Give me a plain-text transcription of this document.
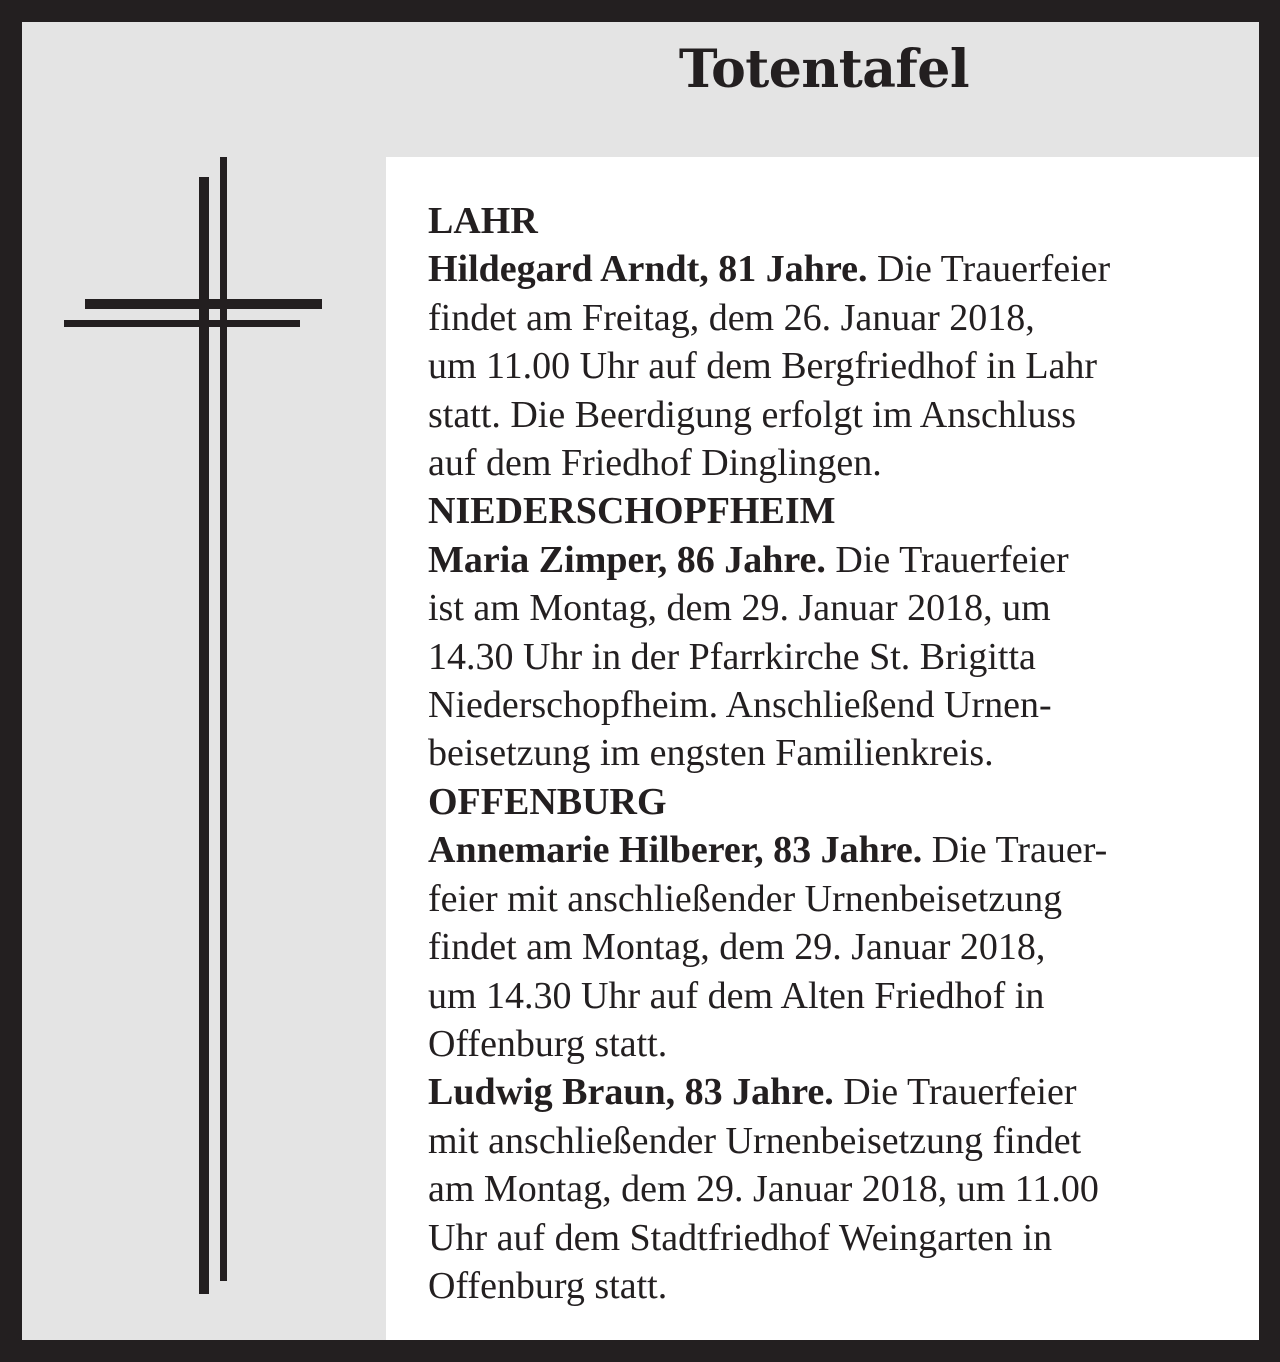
Totentafel

LAHR

Hildegard Arndt, 81 Jahre. Die Trauerfeier

findet am Freitag, dem 26. Januar 2018,

um 11.00 Uhr auf dem Bergfriedhof in Lahr

statt. Die Beerdigung erfolgt im Anschluss

auf dem Friedhof Dinglingen.

NIEDERSCHOPFHEIM

Maria Zimper, 86 Jahre. Die Trauerfeier

ist am Montag, dem 29. Januar 2018, um

14.30 Uhr in der Pfarrkirche St. Brigitta

Niederschopfheim. Anschließend Urnen-

beisetzung im engsten Familienkreis.

OFFENBURG

Annemarie Hilberer, 83 Jahre. Die Trauer-

feier mit anschließender Urnenbeisetzung

findet am Montag, dem 29. Januar 2018,

um 14.30 Uhr auf dem Alten Friedhof in

Offenburg statt.

Ludwig Braun, 83 Jahre. Die Trauerfeier

mit anschließender Urnenbeisetzung findet

am Montag, dem 29. Januar 2018, um 11.00

Uhr auf dem Stadtfriedhof Weingarten in

Offenburg statt.
